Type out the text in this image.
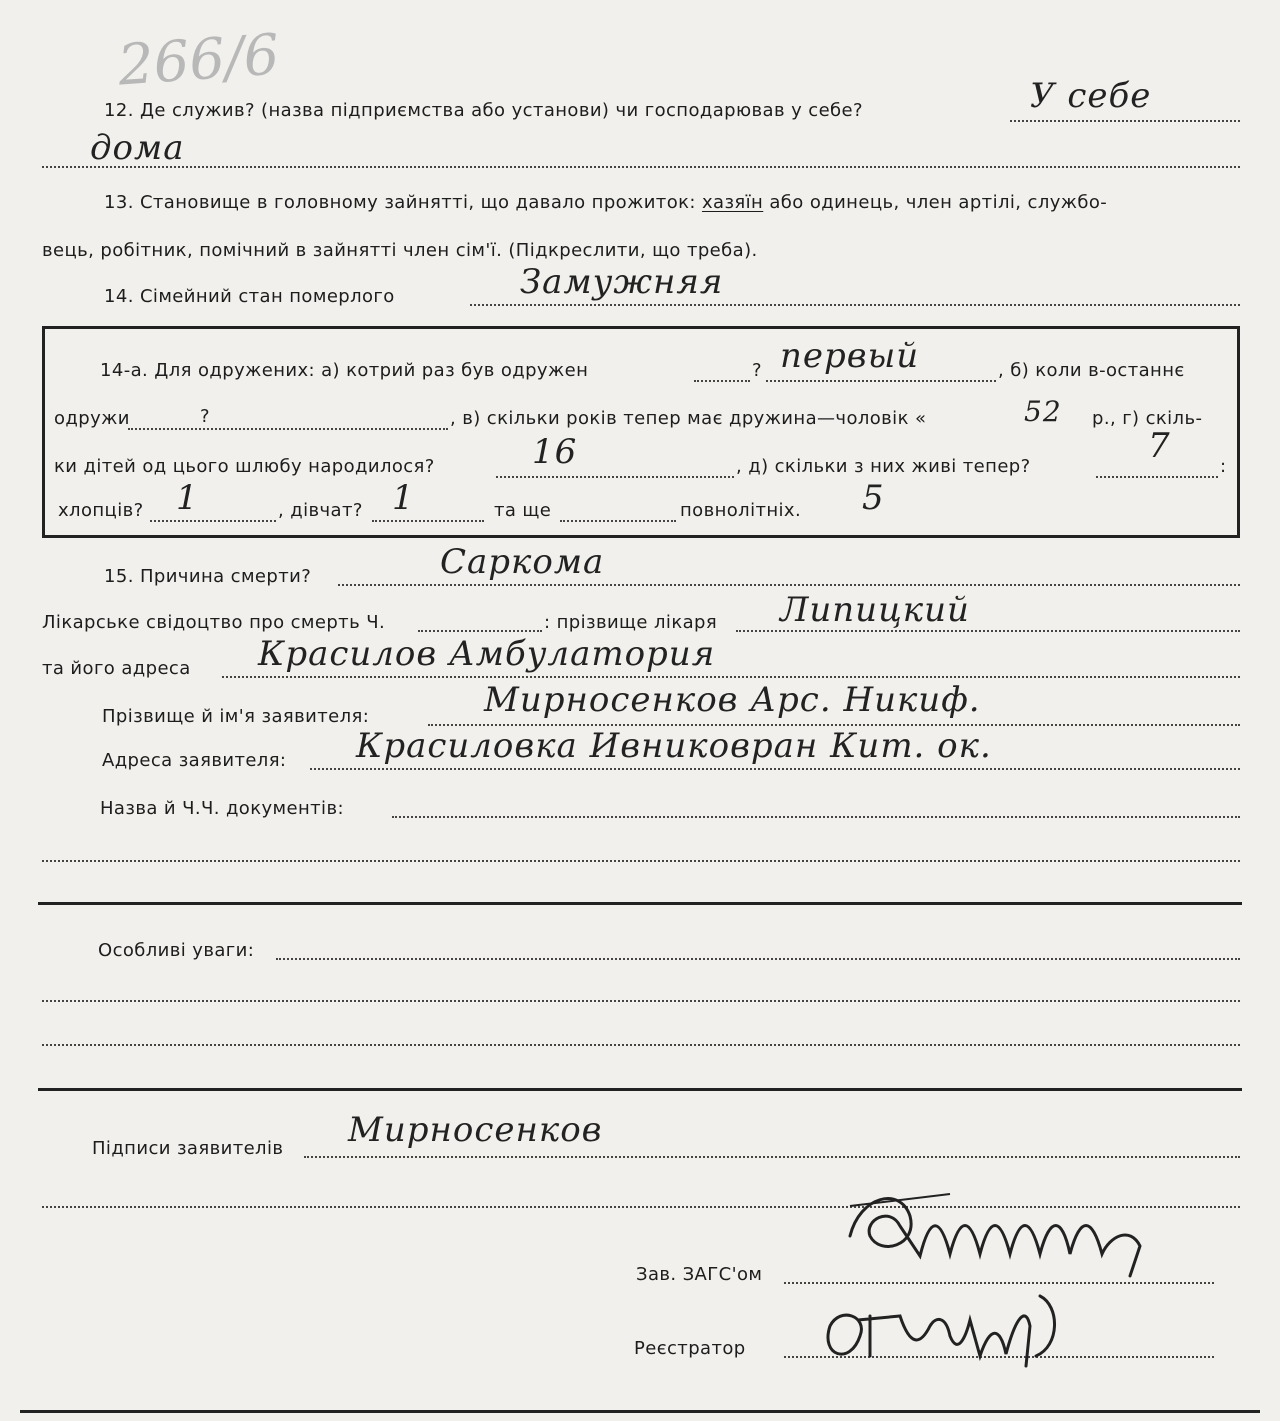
266/6
12. Де служив? (назва підприємства або установи) чи господарював у себе?	У себе
дома
13. Становище в головному зайнятті, що давало прожиток: хазяїн або одинець, член артілі, службо-
вець, робітник, помічний в зайнятті член сім'ї. (Підкреслити, що треба).
14. Сімейний стан померлого	Замужняя
14-а. Для одружених: а) котрий раз був одружен	? первый	, б) коли в-останнє
одружи	?	, в) скільки років тепер має дружина—чоловік «	52 р., г) скіль-
ки дітей од цього шлюбу народилося?	16	, д) скільки з них живі тепер?
7
:
хлопців? 1	, дівчат? 1	та ще	повнолітніх. 5
15. Причина смерти?	Саркома
Лікарське свідоцтво про смерть Ч.	: прізвище лікаря Липицкий
та його адреса Красилов Амбулатория
Прізвище й ім'я заявителя:	Мирносенков Арс. Никиф.
Адреса заявителя: Красиловка Ивниковран Кит. ок.
Назва й Ч.Ч. документів:
Особливі уваги:
Підписи заявителів Мирносенков
Зав. ЗАГС'ом
Реєстратор
